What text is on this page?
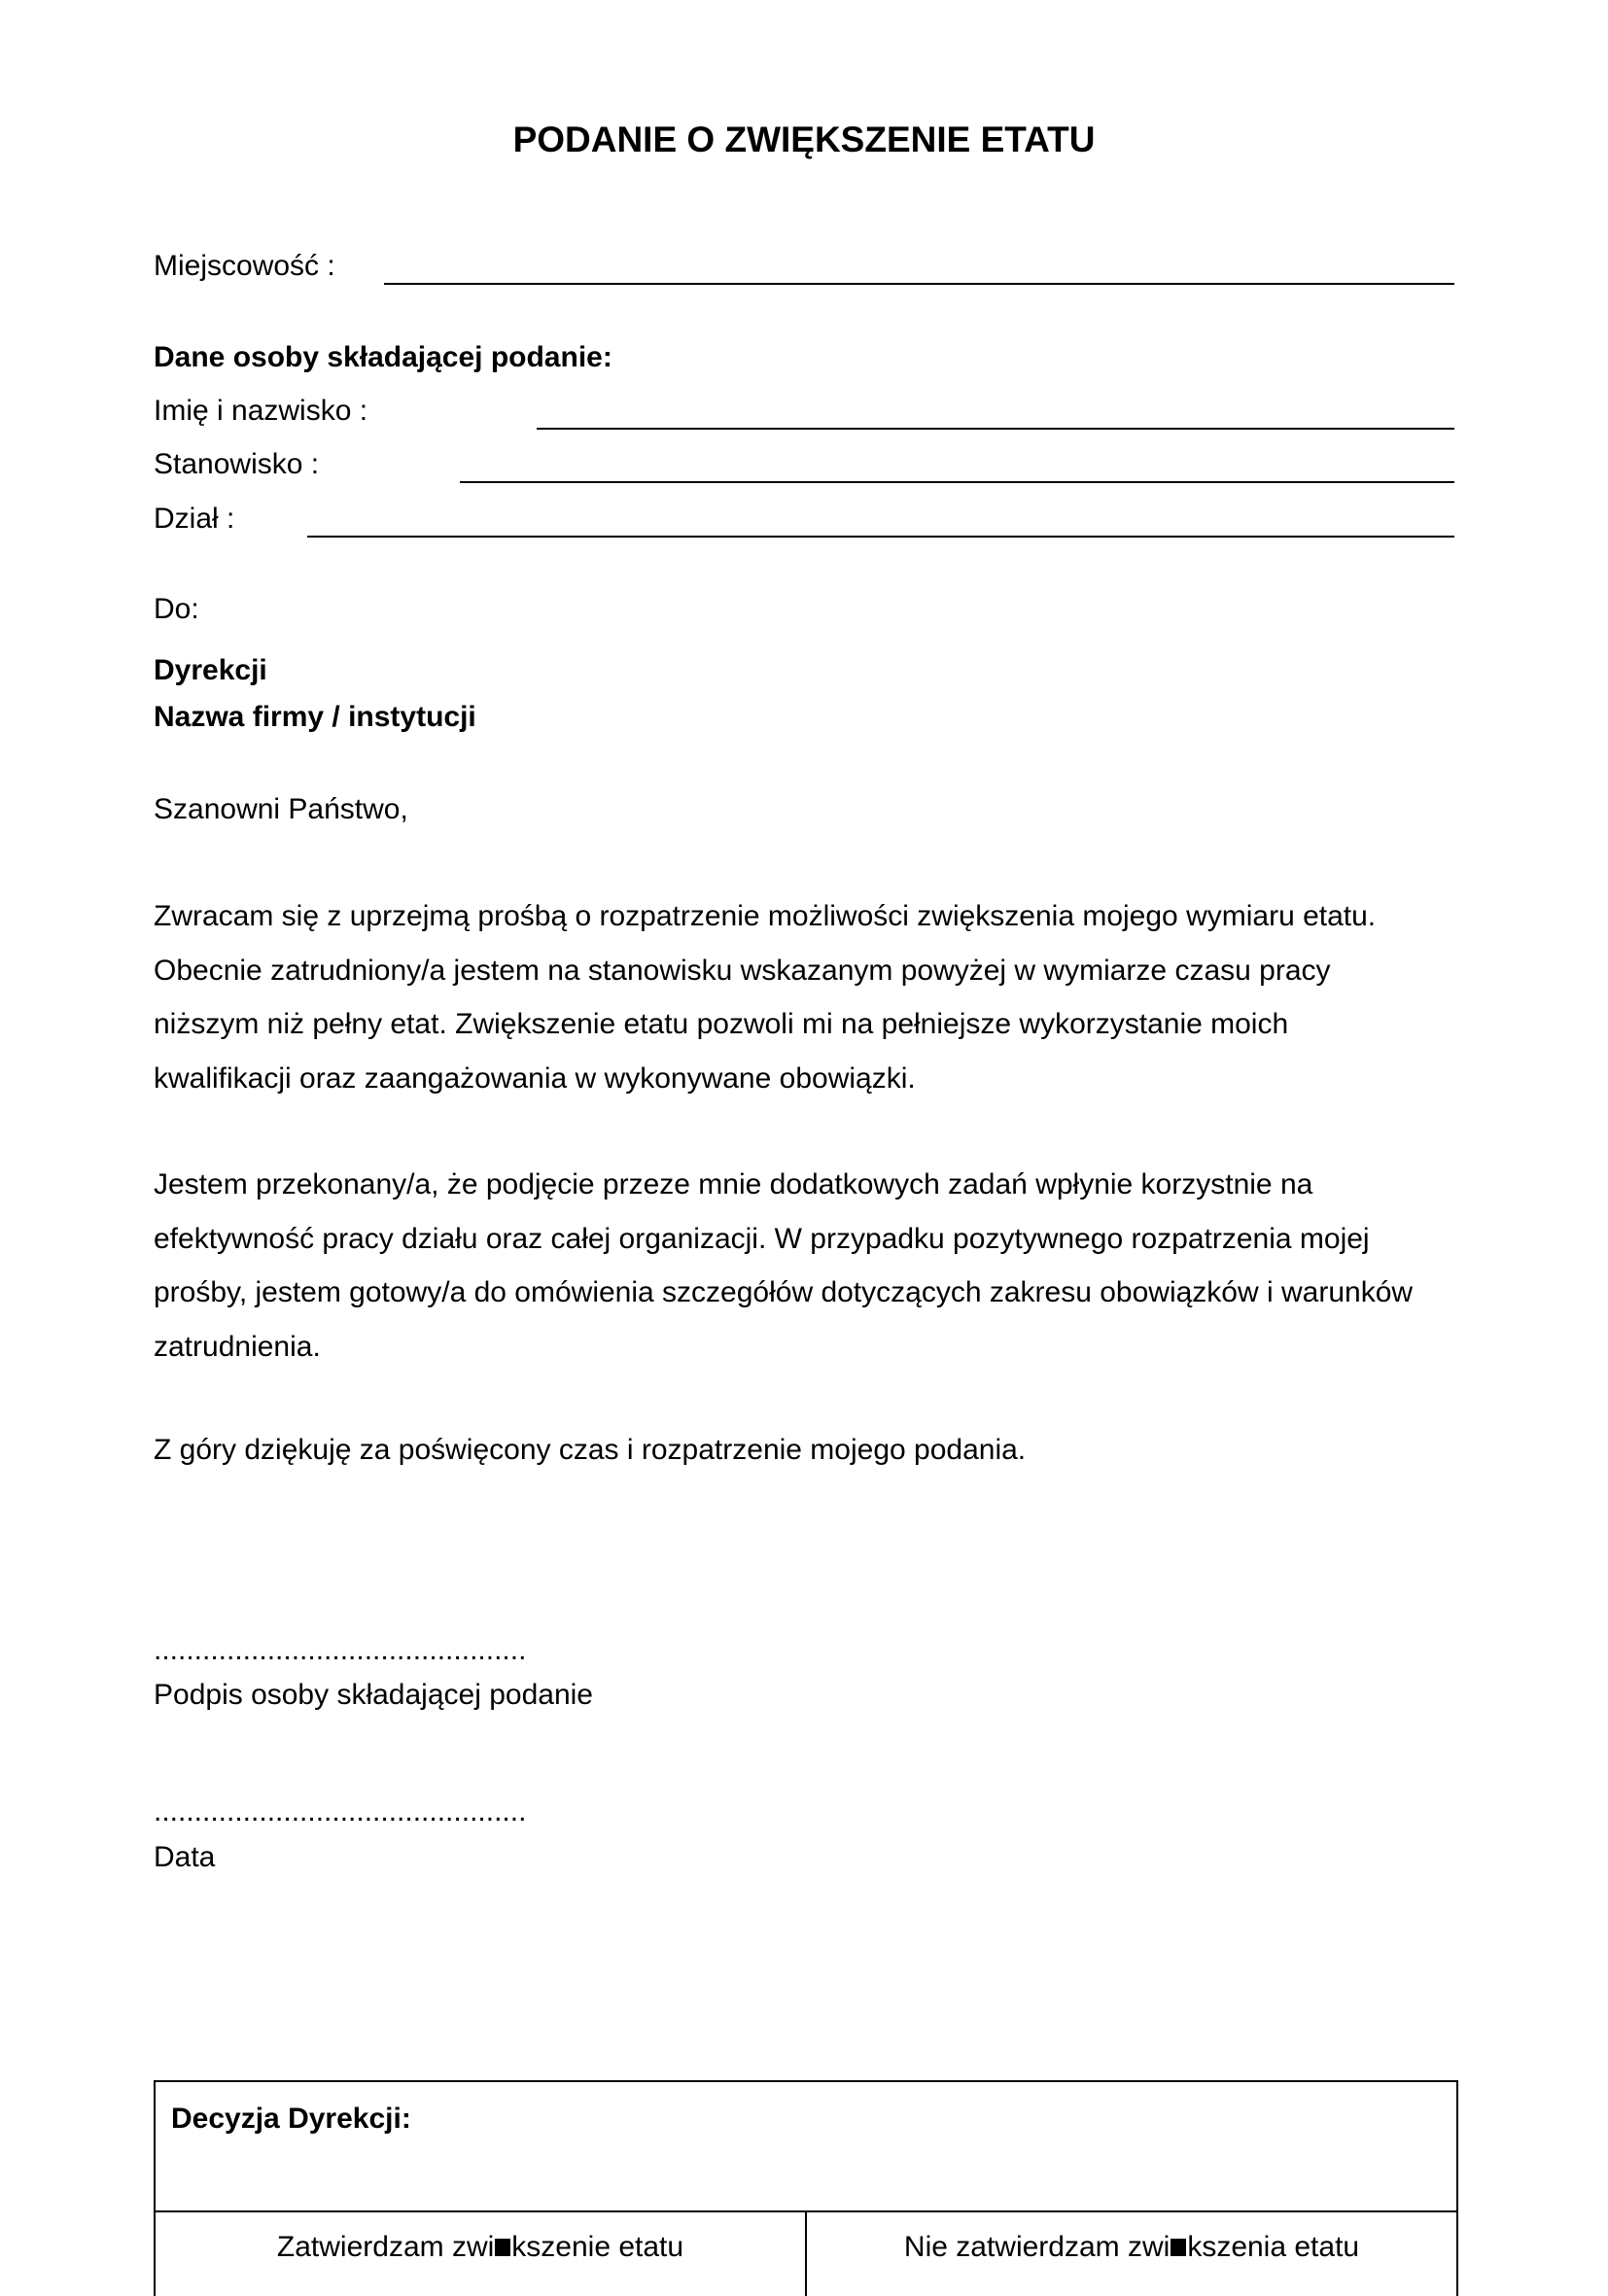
PODANIE O ZWIĘKSZENIE ETATU
Miejscowość :
Dane osoby składającej podanie:
Imię i nazwisko :
Stanowisko :
Dział :
Do:
Dyrekcji
Nazwa firmy / instytucji
Szanowni Państwo,
Zwracam się z uprzejmą prośbą o rozpatrzenie możliwości zwiększenia mojego wymiaru etatu.
Obecnie zatrudniony/a jestem na stanowisku wskazanym powyżej w wymiarze czasu pracy
niższym niż pełny etat. Zwiększenie etatu pozwoli mi na pełniejsze wykorzystanie moich
kwalifikacji oraz zaangażowania w wykonywane obowiązki.
Jestem przekonany/a, że podjęcie przeze mnie dodatkowych zadań wpłynie korzystnie na
efektywność pracy działu oraz całej organizacji. W przypadku pozytywnego rozpatrzenia mojej
prośby, jestem gotowy/a do omówienia szczegółów dotyczących zakresu obowiązków i warunków
zatrudnienia.
Z góry dziękuję za poświęcony czas i rozpatrzenie mojego podania.
..............................................
Podpis osoby składającej podanie
..............................................
Data
Decyzja Dyrekcji:
Zatwierdzam zwi kszenie etatu	Nie zatwierdzam zwi kszenia etatu
